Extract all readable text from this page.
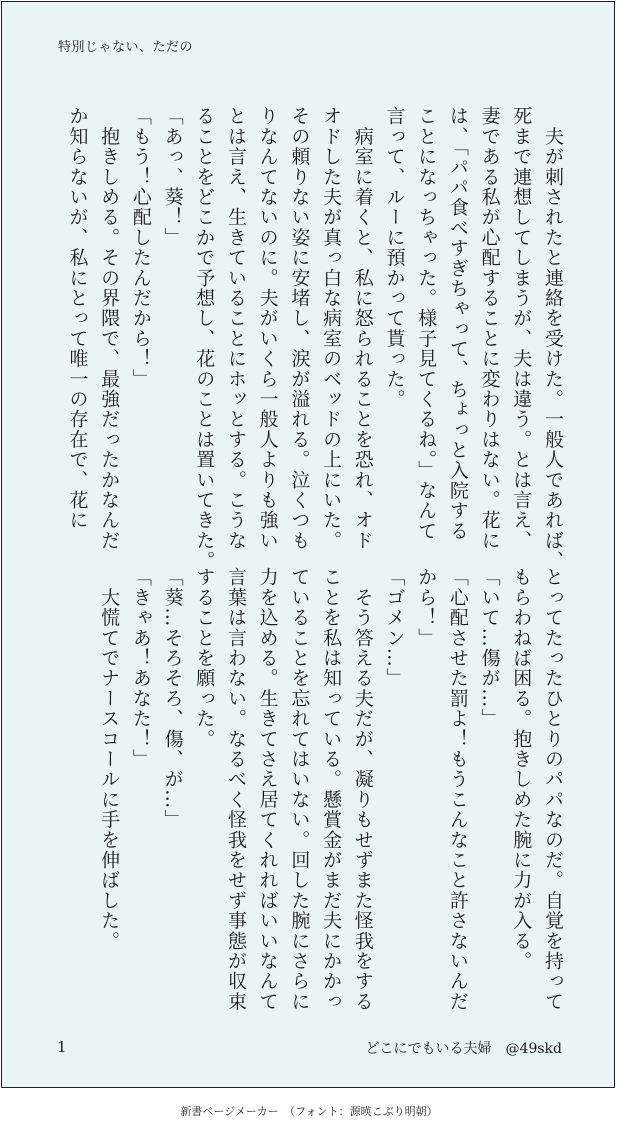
特別じゃない、ただの

　夫が刺されたと連絡を受けた。一般人であれば、

死まで連想してしまうが、夫は違う。とは言え、

妻である私が心配することに変わりはない。花に

は、「パパ食べすぎちゃって、ちょっと入院する

ことになっちゃった。様子見てくるね。」なんて

言って、ルーに預かって貰った。

　病室に着くと、私に怒られることを恐れ、オド

オドした夫が真っ白な病室のベッドの上にいた。

その頼りない姿に安堵し、涙が溢れる。泣くつも

りなんてないのに。夫がいくら一般人よりも強い

とは言え、生きていることにホッとする。こうな

ることをどこかで予想し、花のことは置いてきた。

「あっ、葵！」

「もう！心配したんだから！」

　抱きしめる。その界隈で、最強だったかなんだ

か知らないが、私にとって唯一の存在で、花に

とってたったひとりのパパなのだ。自覚を持って

もらわねば困る。抱きしめた腕に力が入る。

「いて…傷が…」

「心配させた罰よ！もうこんなこと許さないんだ

から！」

「ゴメン…」

　そう答える夫だが、凝りもせずまた怪我をする

ことを私は知っている。懸賞金がまだ夫にかかっ

ていることを忘れてはいない。回した腕にさらに

力を込める。生きてさえ居てくれればいいなんて

言葉は言わない。なるべく怪我をせず事態が収束

することを願った。

「葵…そろそろ、傷、が…」

「きゃあ！あなた！」

　大慌てでナースコールに手を伸ばした。

1	どこにでもいる夫婦　@49skd
新書ページメーカー　（フォント：源暎こぶり明朝）
